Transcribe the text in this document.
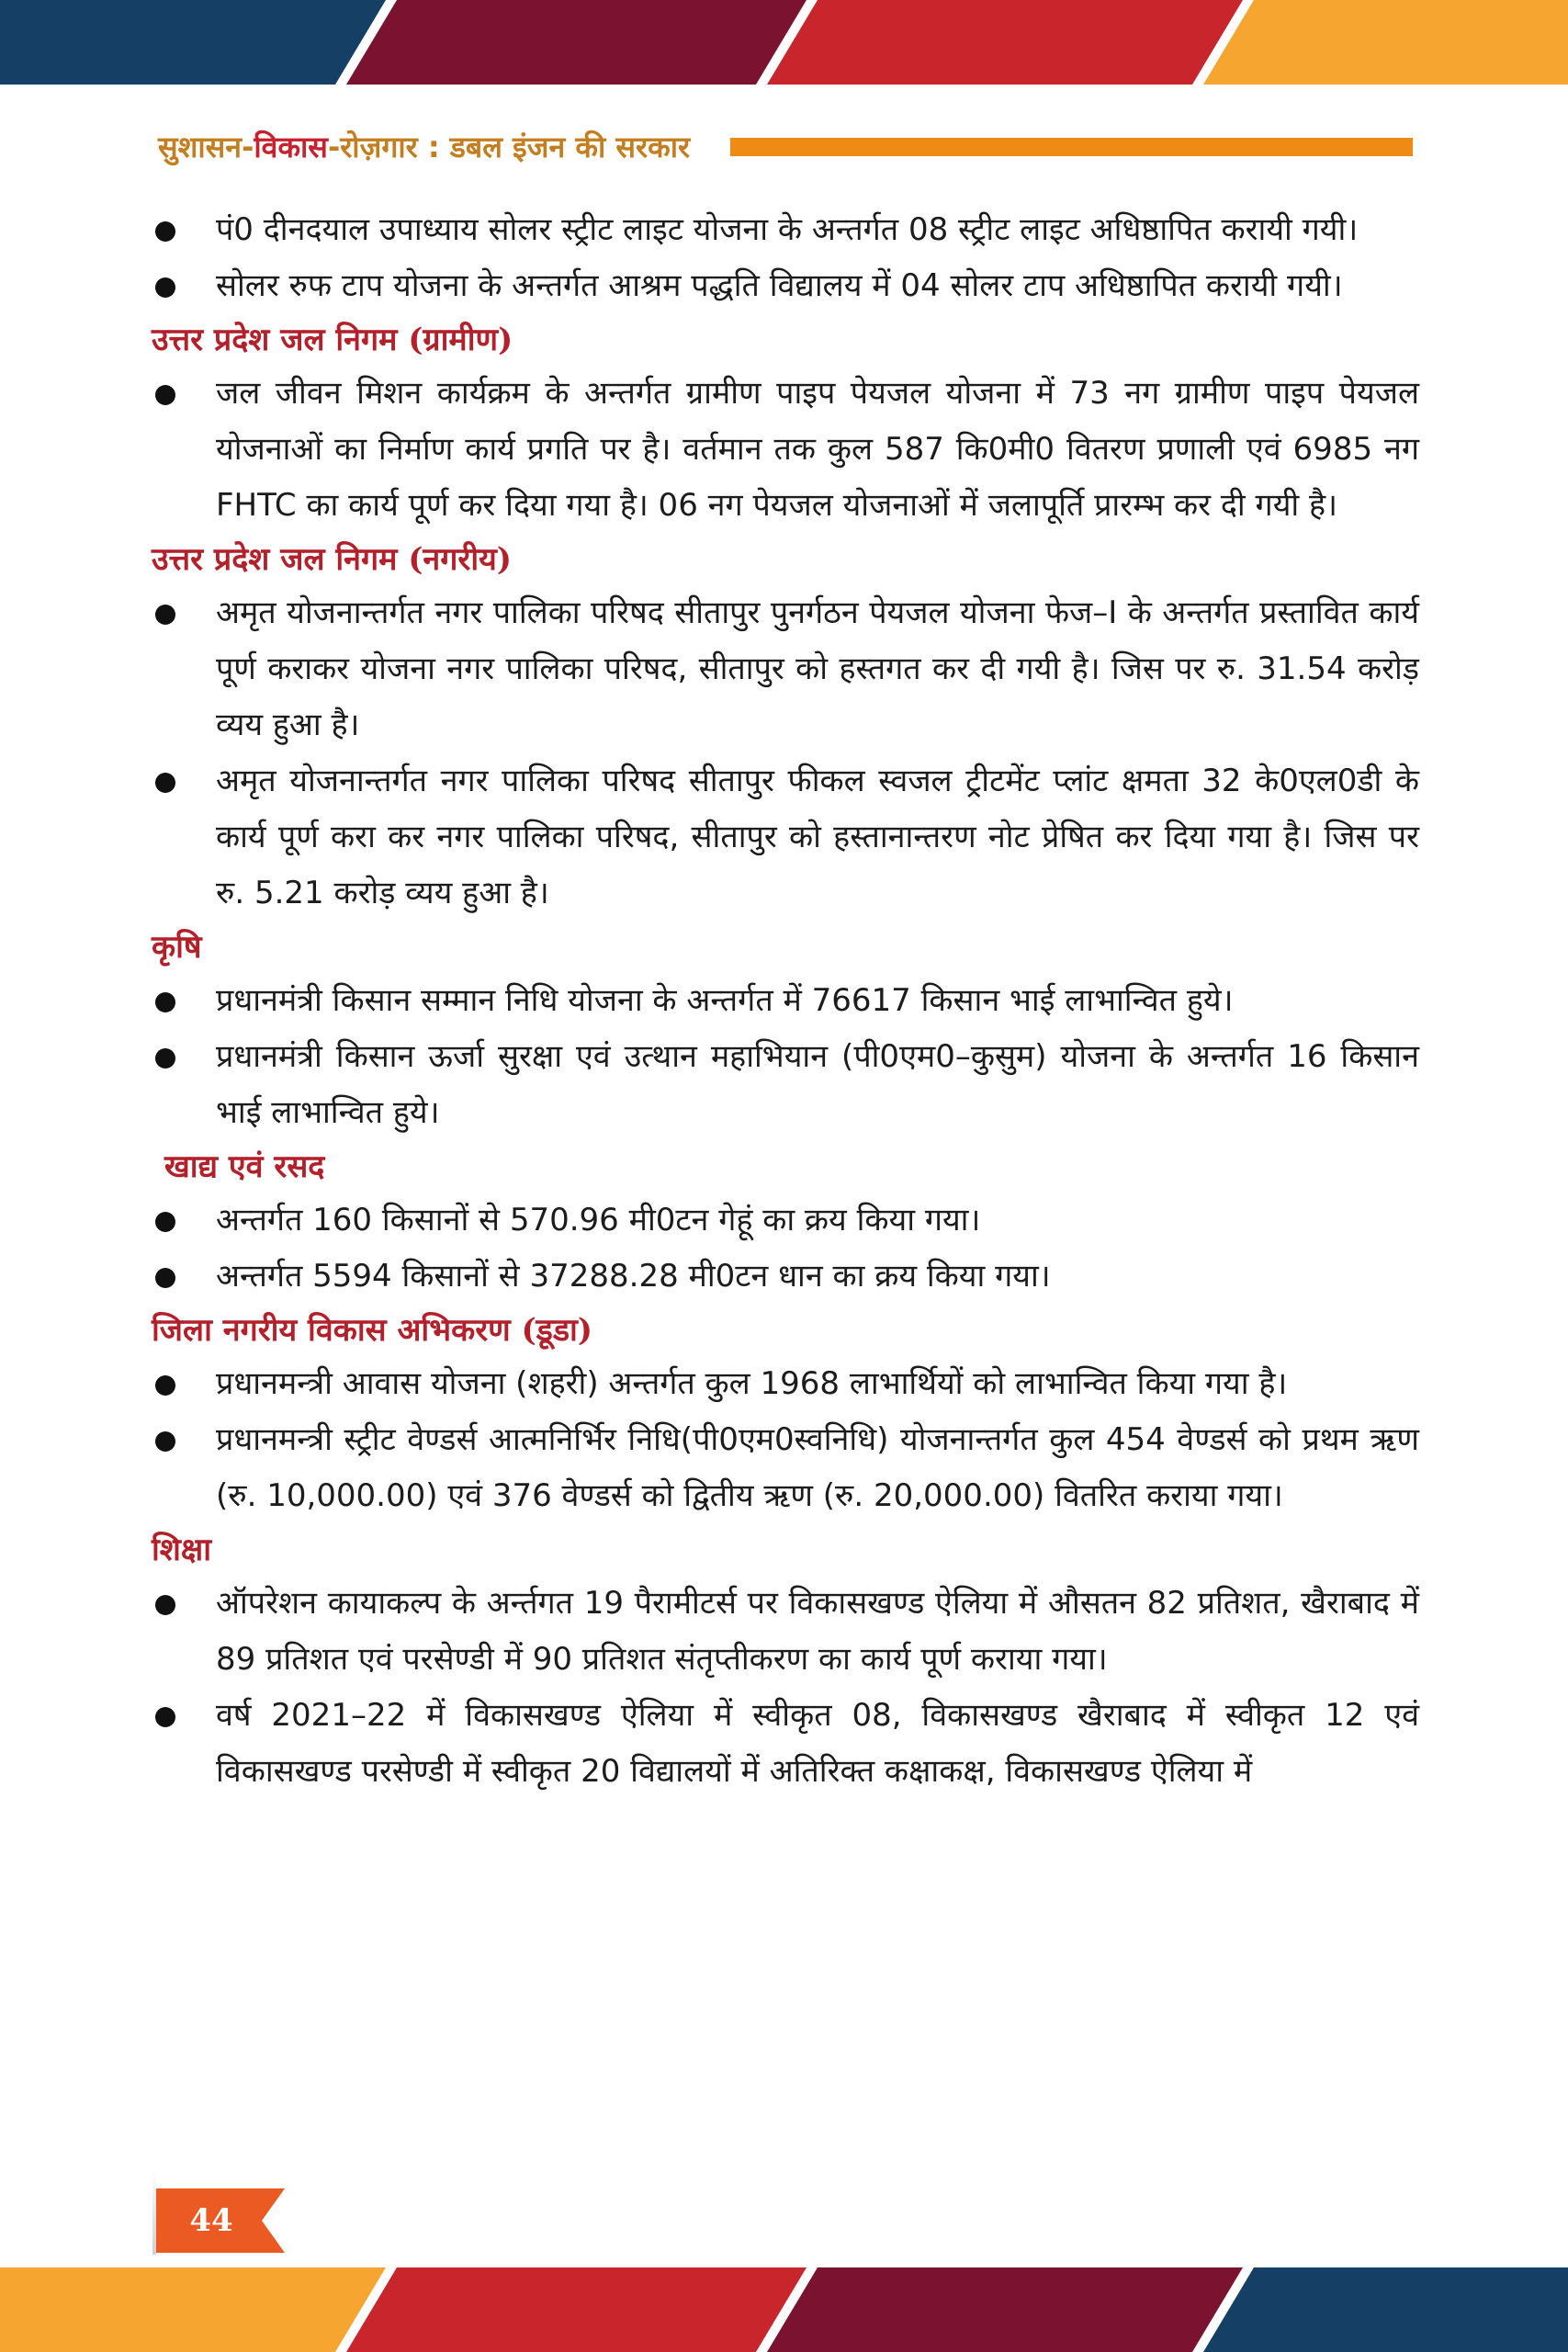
सुशासन-विकास-रोज़गार : डबल इंजन की सरकार

पं0 दीनदयाल उपाध्याय सोलर स्ट्रीट लाइट योजना के अन्तर्गत 08 स्ट्रीट लाइट अधिष्ठापित करायी गयी।

सोलर रुफ टाप योजना के अन्तर्गत आश्रम पद्धति विद्यालय में 04 सोलर टाप अधिष्ठापित करायी गयी।

उत्तर प्रदेश जल निगम (ग्रामीण)

जल जीवन मिशन कार्यक्रम के अन्तर्गत ग्रामीण पाइप पेयजल योजना में 73 नग ग्रामीण पाइप पेयजल योजनाओं का निर्माण कार्य प्रगति पर है। वर्तमान तक कुल 587 कि0मी0 वितरण प्रणाली एवं 6985 नग FHTC का कार्य पूर्ण कर दिया गया है। 06 नग पेयजल योजनाओं में जलापूर्ति प्रारम्भ कर दी गयी है।

उत्तर प्रदेश जल निगम (नगरीय)

अमृत योजनान्तर्गत नगर पालिका परिषद सीतापुर पुनर्गठन पेयजल योजना फेज–I के अन्तर्गत प्रस्तावित कार्य पूर्ण कराकर योजना नगर पालिका परिषद, सीतापुर को हस्तगत कर दी गयी है। जिस पर रु. 31.54 करोड़ व्यय हुआ है।

अमृत योजनान्तर्गत नगर पालिका परिषद सीतापुर फीकल स्वजल ट्रीटमेंट प्लांट क्षमता 32 के0एल0डी के कार्य पूर्ण करा कर नगर पालिका परिषद, सीतापुर को हस्तानान्तरण नोट प्रेषित कर दिया गया है। जिस पर रु. 5.21 करोड़ व्यय हुआ है।

कृषि

प्रधानमंत्री किसान सम्मान निधि योजना के अन्तर्गत में 76617 किसान भाई लाभान्वित हुये।

प्रधानमंत्री किसान ऊर्जा सुरक्षा एवं उत्थान महाभियान (पी0एम0–कुसुम) योजना के अन्तर्गत 16 किसान भाई लाभान्वित हुये।

खाद्य एवं रसद

अन्तर्गत 160 किसानों से 570.96 मी0टन गेहूं का क्रय किया गया।

अन्तर्गत 5594 किसानों से 37288.28 मी0टन धान का क्रय किया गया।

जिला नगरीय विकास अभिकरण (डूडा)

प्रधानमन्त्री आवास योजना (शहरी) अन्तर्गत कुल 1968 लाभार्थियों को लाभान्वित किया गया है।

प्रधानमन्त्री स्ट्रीट वेण्डर्स आत्मनिर्भिर निधि(पी0एम0स्वनिधि) योजनान्तर्गत कुल 454 वेण्डर्स को प्रथम ऋण (रु. 10,000.00) एवं 376 वेण्डर्स को द्वितीय ऋण (रु. 20,000.00) वितरित कराया गया।

शिक्षा

ऑपरेशन कायाकल्प के अर्न्तगत 19 पैरामीटर्स पर विकासखण्ड ऐलिया में औसतन 82 प्रतिशत, खैराबाद में 89 प्रतिशत एवं परसेण्डी में 90 प्रतिशत संतृप्तीकरण का कार्य पूर्ण कराया गया।

वर्ष 2021–22 में विकासखण्ड ऐलिया में स्वीकृत 08, विकासखण्ड खैराबाद में स्वीकृत 12 एवं विकासखण्ड परसेण्डी में स्वीकृत 20 विद्यालयों में अतिरिक्त कक्षाकक्ष, विकासखण्ड ऐलिया में

44
